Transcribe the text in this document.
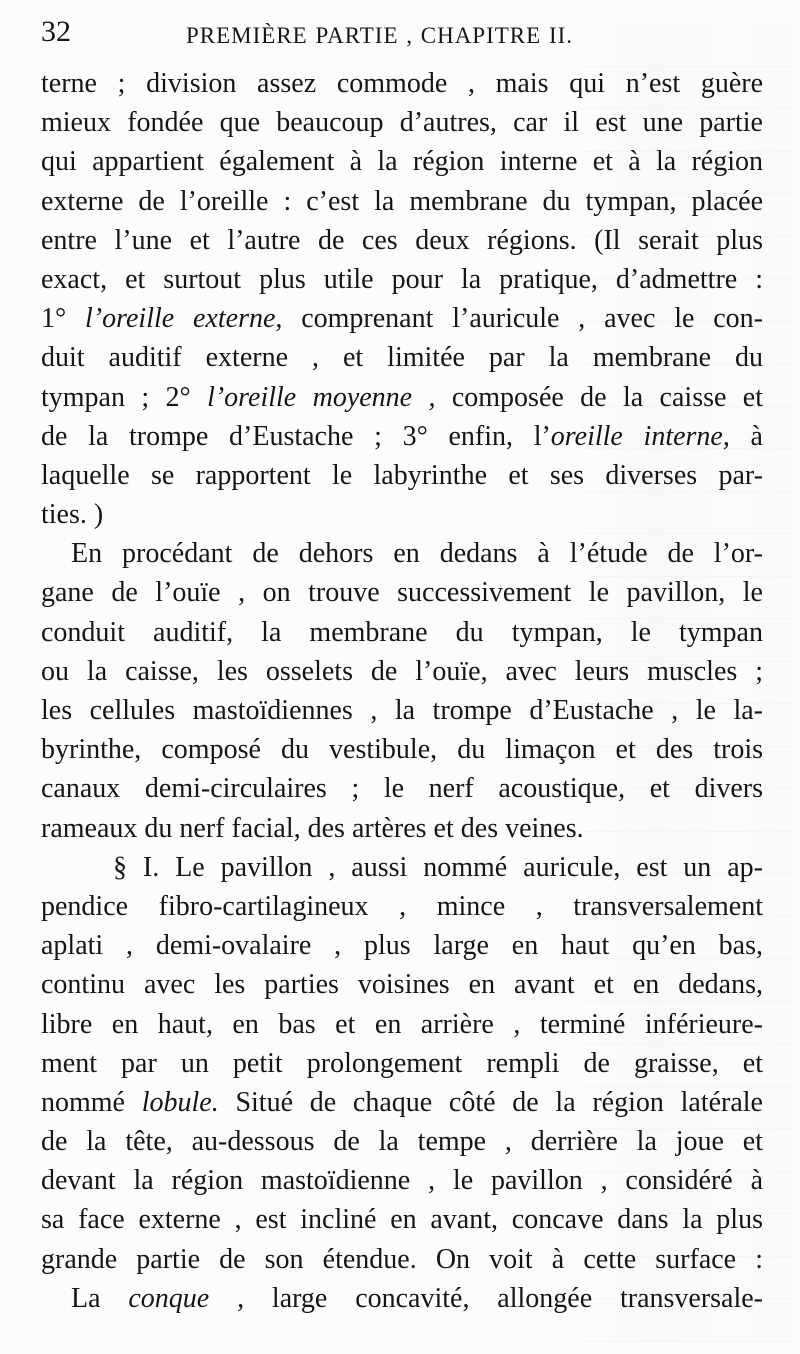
32	PREMIÈRE PARTIE , CHAPITRE II.
terne ; division assez commode , mais qui n’est guère
mieux fondée que beaucoup d’autres, car il est une partie
qui appartient également à la région interne et à la région
externe de l’oreille : c’est la membrane du tympan, placée
entre l’une et l’autre de ces deux régions. (Il serait plus
exact, et surtout plus utile pour la pratique, d’admettre :
1° l’oreille externe, comprenant l’auricule , avec le con-
duit auditif externe , et limitée par la membrane du
tympan ; 2° l’oreille moyenne , composée de la caisse et
de la trompe d’Eustache ; 3° enfin, l’oreille interne, à
laquelle se rapportent le labyrinthe et ses diverses par-
ties. )
En procédant de dehors en dedans à l’étude de l’or-
gane de l’ouïe , on trouve successivement le pavillon, le
conduit auditif, la membrane du tympan, le tympan
ou la caisse, les osselets de l’ouïe, avec leurs muscles ;
les cellules mastoïdiennes , la trompe d’Eustache , le la-
byrinthe, composé du vestibule, du limaçon et des trois
canaux demi-circulaires ; le nerf acoustique, et divers
rameaux du nerf facial, des artères et des veines.
§ I. Le pavillon , aussi nommé auricule, est un ap-
pendice fibro-cartilagineux , mince , transversalement
aplati , demi-ovalaire , plus large en haut qu’en bas,
continu avec les parties voisines en avant et en dedans,
libre en haut, en bas et en arrière , terminé inférieure-
ment par un petit prolongement rempli de graisse, et
nommé lobule. Situé de chaque côté de la région latérale
de la tête, au-dessous de la tempe , derrière la joue et
devant la région mastoïdienne , le pavillon , considéré à
sa face externe , est incliné en avant, concave dans la plus
grande partie de son étendue. On voit à cette surface :
La conque , large concavité, allongée transversale-
